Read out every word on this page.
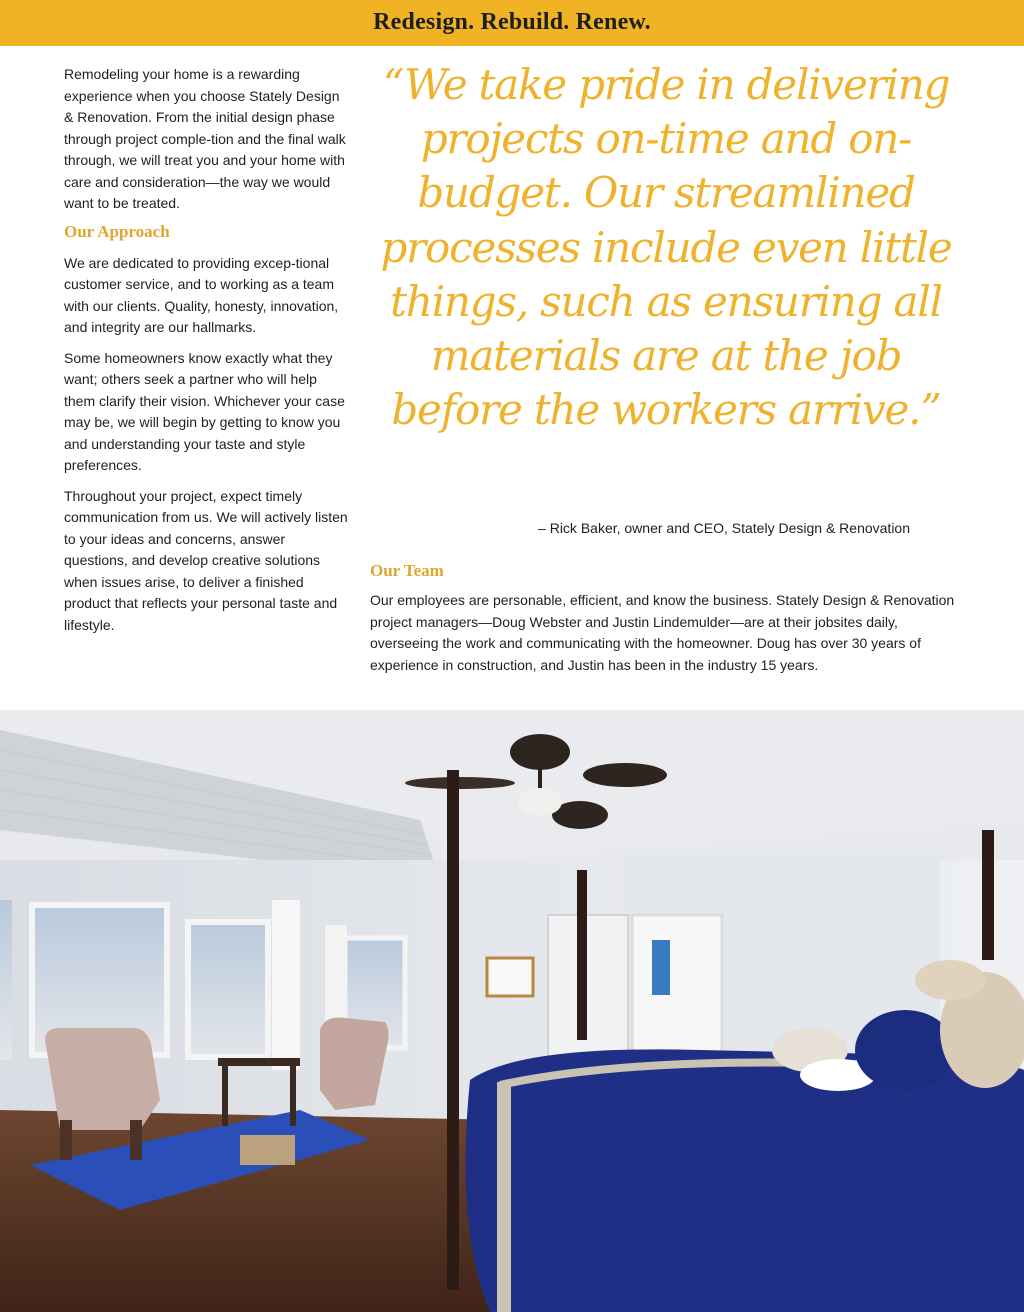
Redesign. Rebuild. Renew.

Remodeling your home is a rewarding experience when you choose Stately Design & Renovation. From the initial design phase through project comple-tion and the final walk through, we will treat you and your home with care and consideration—the way we would want to be treated.

Our Approach

We are dedicated to providing excep-tional customer service, and to working as a team with our clients. Quality, honesty, innovation, and integrity are our hallmarks.

Some homeowners know exactly what they want; others seek a partner who will help them clarify their vision. Whichever your case may be, we will begin by getting to know you and understanding your taste and style preferences.

Throughout your project, expect timely communication from us. We will actively listen to your ideas and concerns, answer questions, and develop creative solutions when issues arise, to deliver a finished product that reflects your personal taste and lifestyle.

“We take pride in delivering projects on-time and on-budget. Our streamlined processes include even little things, such as ensuring all materials are at the job before the workers arrive.”
– Rick Baker, owner and CEO, Stately Design & Renovation
Our Team

Our employees are personable, efficient, and know the business. Stately Design & Renovation project managers—Doug Webster and Justin Lindemulder—are at their jobsites daily, overseeing the work and communicating with the homeowner. Doug has over 30 years of experience in construction, and Justin has been in the industry 15 years.
